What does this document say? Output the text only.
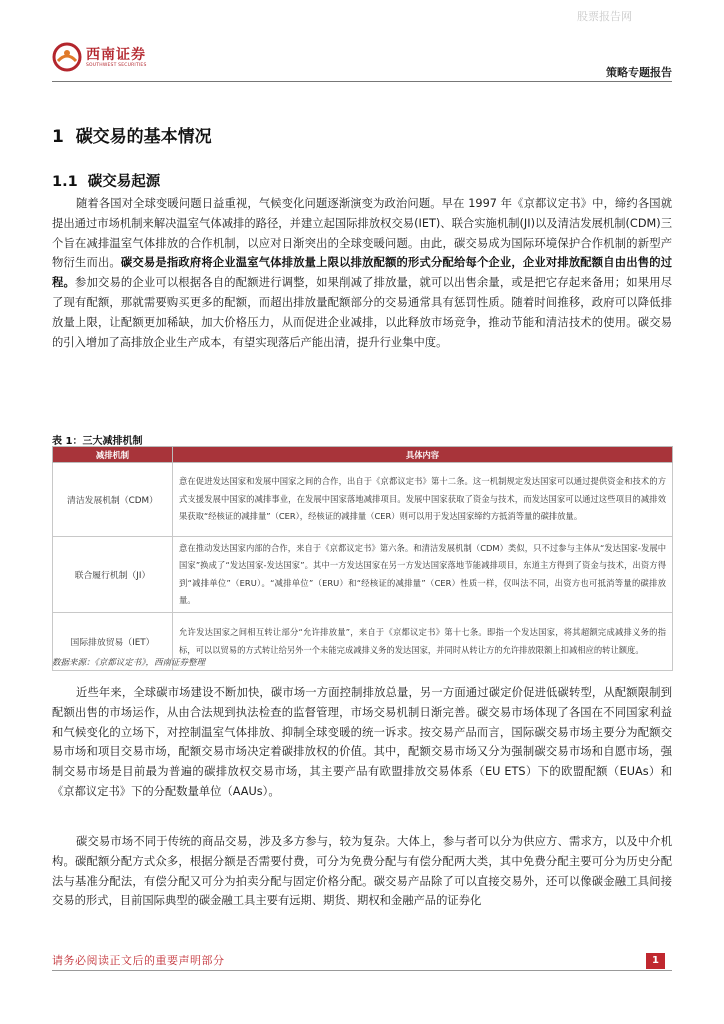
股票报告网
西南证券
SOUTHWEST SECURITIES
策略专题报告
1 碳交易的基本情况
1.1 碳交易起源

随着各国对全球变暖问题日益重视，气候变化问题逐渐演变为政治问题。早在 1997 年《京都议定书》中，缔约各国就提出通过市场机制来解决温室气体减排的路径，并建立起国际排放权交易(IET)、联合实施机制(JI)以及清洁发展机制(CDM)三个旨在减排温室气体排放的合作机制，以应对日渐突出的全球变暖问题。由此，碳交易成为国际环境保护合作机制的新型产物衍生而出。碳交易是指政府将企业温室气体排放量上限以排放配额的形式分配给每个企业，企业对排放配额自由出售的过程。参加交易的企业可以根据各自的配额进行调整，如果削减了排放量，就可以出售余量，或是把它存起来备用；如果用尽了现有配额，那就需要购买更多的配额，而超出排放量配额部分的交易通常具有惩罚性质。随着时间推移，政府可以降低排放量上限，让配额更加稀缺，加大价格压力，从而促进企业减排，以此释放市场竞争，推动节能和清洁技术的使用。碳交易的引入增加了高排放企业生产成本，有望实现落后产能出清，提升行业集中度。

表 1：三大减排机制
减排机制	具体内容
清洁发展机制（CDM）	意在促进发达国家和发展中国家之间的合作，出自于《京都议定书》第十二条。这一机制规定发达国家可以通过提供资金和技术的方式支援发展中国家的减排事业，在发展中国家落地减排项目。发展中国家获取了资金与技术，而发达国家可以通过这些项目的减排效果获取“经核证的减排量”（CER），经核证的减排量（CER）则可以用于发达国家缔约方抵消等量的碳排放量。
联合履行机制（JI）	意在推动发达国家内部的合作，来自于《京都议定书》第六条。和清洁发展机制（CDM）类似，只不过参与主体从“发达国家-发展中国家”换成了“发达国家-发达国家”。其中一方发达国家在另一方发达国家落地节能减排项目，东道主方得到了资金与技术，出资方得到“减排单位”（ERU）。“减排单位”（ERU）和“经核证的减排量”（CER）性质一样，仅叫法不同，出资方也可抵消等量的碳排放量。
国际排放贸易（IET）	允许发达国家之间相互转让部分“允许排放量”，来自于《京都议定书》第十七条。即指一个发达国家，将其超额完成减排义务的指标，可以以贸易的方式转让给另外一个未能完成减排义务的发达国家，并同时从转让方的允许排放限额上扣减相应的转让额度。
数据来源：《京都议定书》，西南证券整理

近些年来，全球碳市场建设不断加快，碳市场一方面控制排放总量，另一方面通过碳定价促进低碳转型，从配额限制到配额出售的市场运作，从由合法规到执法检查的监督管理，市场交易机制日渐完善。碳交易市场体现了各国在不同国家利益和气候变化的立场下，对控制温室气体排放、抑制全球变暖的统一诉求。按交易产品而言，国际碳交易市场主要分为配额交易市场和项目交易市场，配额交易市场决定着碳排放权的价值。其中，配额交易市场又分为强制碳交易市场和自愿市场，强制交易市场是目前最为普遍的碳排放权交易市场，其主要产品有欧盟排放交易体系（EU ETS）下的欧盟配额（EUAs）和《京都议定书》下的分配数量单位（AAUs）。

碳交易市场不同于传统的商品交易，涉及多方参与，较为复杂。大体上，参与者可以分为供应方、需求方，以及中介机构。碳配额分配方式众多，根据分额是否需要付费，可分为免费分配与有偿分配两大类，其中免费分配主要可分为历史分配法与基准分配法，有偿分配又可分为拍卖分配与固定价格分配。碳交易产品除了可以直接交易外，还可以像碳金融工具间接交易的形式，目前国际典型的碳金融工具主要有远期、期货、期权和金融产品的证券化

请务必阅读正文后的重要声明部分	1
